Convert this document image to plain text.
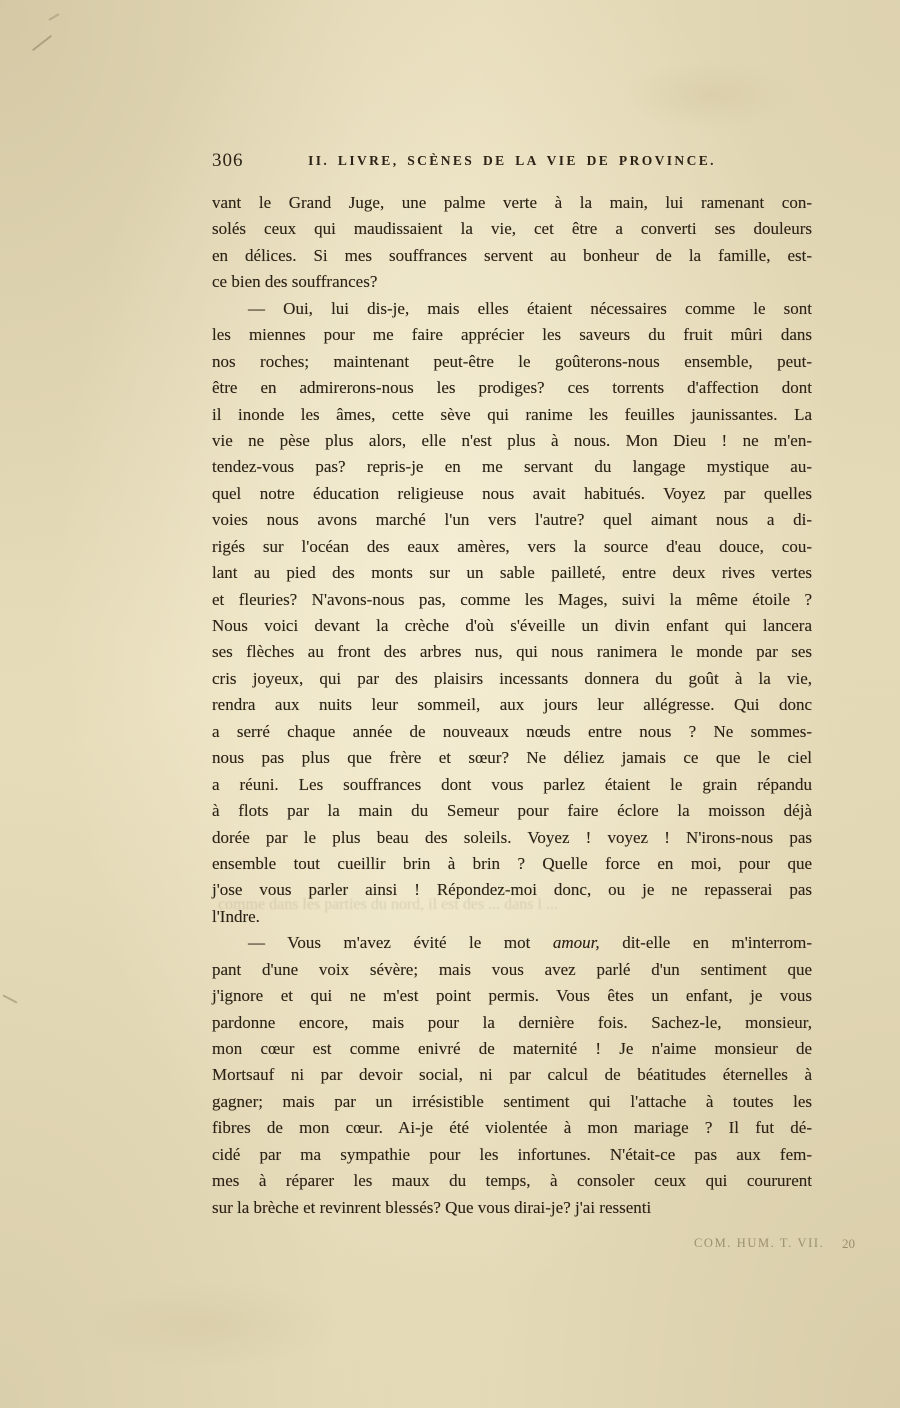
306	II. LIVRE, SCÈNES DE LA VIE DE PROVINCE.
vant le Grand Juge, une palme verte à la main, lui ramenant con-
solés ceux qui maudissaient la vie, cet être a converti ses douleurs
en délices. Si mes souffrances servent au bonheur de la famille, est-
ce bien des souffrances?
— Oui, lui dis-je, mais elles étaient nécessaires comme le sont
les miennes pour me faire apprécier les saveurs du fruit mûri dans
nos roches; maintenant peut-être le goûterons-nous ensemble, peut-
être en admirerons-nous les prodiges? ces torrents d'affection dont
il inonde les âmes, cette sève qui ranime les feuilles jaunissantes. La
vie ne pèse plus alors, elle n'est plus à nous. Mon Dieu ! ne m'en-
tendez-vous pas? repris-je en me servant du langage mystique au-
quel notre éducation religieuse nous avait habitués. Voyez par quelles
voies nous avons marché l'un vers l'autre? quel aimant nous a di-
rigés sur l'océan des eaux amères, vers la source d'eau douce, cou-
lant au pied des monts sur un sable pailleté, entre deux rives vertes
et fleuries? N'avons-nous pas, comme les Mages, suivi la même étoile ?
Nous voici devant la crèche d'où s'éveille un divin enfant qui lancera
ses flèches au front des arbres nus, qui nous ranimera le monde par ses
cris joyeux, qui par des plaisirs incessants donnera du goût à la vie,
rendra aux nuits leur sommeil, aux jours leur allégresse. Qui donc
a serré chaque année de nouveaux nœuds entre nous ? Ne sommes-
nous pas plus que frère et sœur? Ne déliez jamais ce que le ciel
a réuni. Les souffrances dont vous parlez étaient le grain répandu
à flots par la main du Semeur pour faire éclore la moisson déjà
dorée par le plus beau des soleils. Voyez ! voyez ! N'irons-nous pas
ensemble tout cueillir brin à brin ? Quelle force en moi, pour que
j'ose vous parler ainsi ! Répondez-moi donc, ou je ne repasserai pas
l'Indre.
— Vous m'avez évité le mot amour, dit-elle en m'interrom-
pant d'une voix sévère; mais vous avez parlé d'un sentiment que
j'ignore et qui ne m'est point permis. Vous êtes un enfant, je vous
pardonne encore, mais pour la dernière fois. Sachez-le, monsieur,
mon cœur est comme enivré de maternité ! Je n'aime monsieur de
Mortsauf ni par devoir social, ni par calcul de béatitudes éternelles à
gagner; mais par un irrésistible sentiment qui l'attache à toutes les
fibres de mon cœur. Ai-je été violentée à mon mariage ? Il fut dé-
cidé par ma sympathie pour les infortunes. N'était-ce pas aux fem-
mes à réparer les maux du temps, à consoler ceux qui coururent
sur la brèche et revinrent blessés? Que vous dirai-je? j'ai ressenti
comme dans les parties du nord, il est des ... dans l ...
COM. HUM. T. VII. 20
